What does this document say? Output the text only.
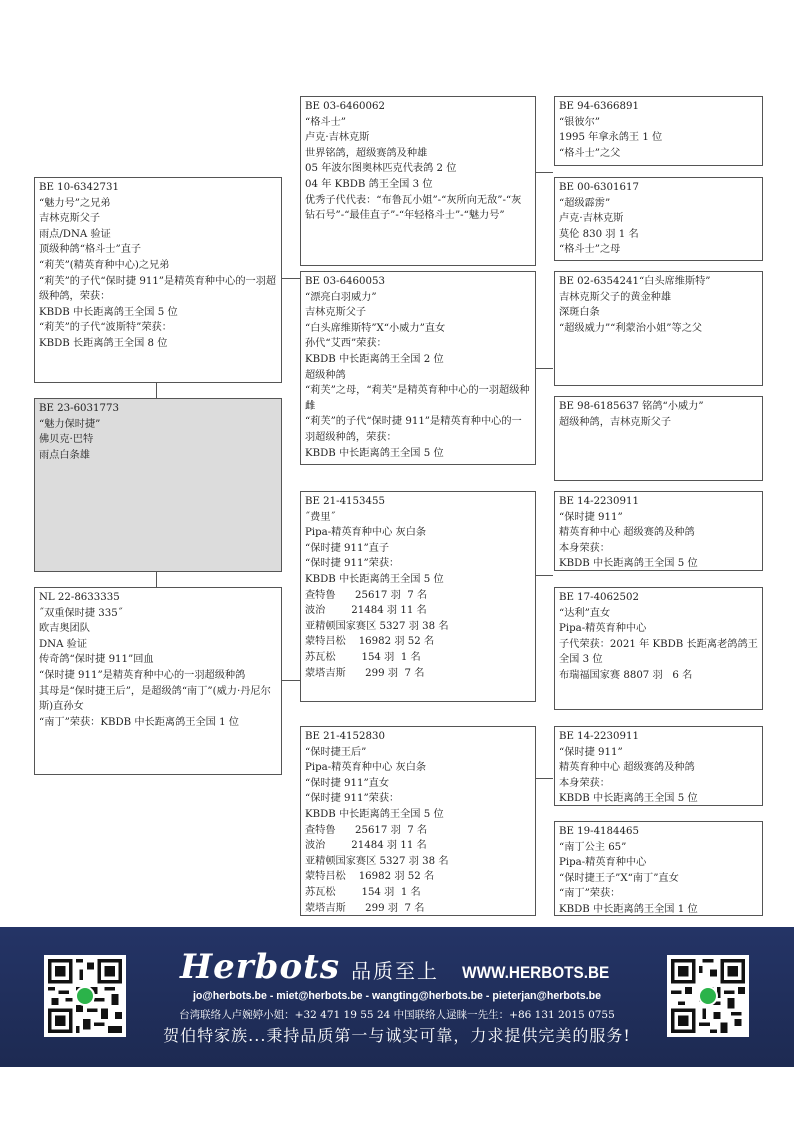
BE 10-6342731
“魅力号”之兄弟
吉林克斯父子
雨点/DNA 验证
顶级种鸽“格斗士”直子
“莉芙”(精英育种中心)之兄弟
“莉芙”的子代“保时捷 911”是精英育种中心的一羽超级种鸽，荣获：
KBDB 中长距离鸽王全国 5 位
“莉芙”的子代“波斯特”荣获：
KBDB 长距离鸽王全国 8 位
BE 23-6031773
“魅力保时捷”
佛贝克·巴特
雨点白条雄
NL 22-8633335
˝双重保时捷 335˝
欧吉奥团队
DNA 验证
传奇鸽“保时捷 911”回血
“保时捷 911”是精英育种中心的一羽超级种鸽
其母是“保时捷王后”，是超级鸽“南丁”(威力·丹尼尔斯)直孙女
“南丁”荣获：KBDB 中长距离鸽王全国 1 位
BE 03-6460062
“格斗士”
卢克·吉林克斯
世界铭鸽，超级赛鸽及种雄
05 年波尔图奥林匹克代表鸽 2 位
04 年 KBDB 鸽王全国 3 位
优秀子代代表：“布鲁瓦小姐”-“灰所向无敌”-“灰钻石号”-“最佳直子”-“年轻格斗士”-“魅力号”
BE 03-6460053
“漂亮白羽威力”
吉林克斯父子
“白头席维斯特”X“小威力”直女
孙代“艾西”荣获：
KBDB 中长距离鸽王全国 2 位
超级种鸽
“莉芙”之母，“莉芙”是精英育种中心的一羽超级种雌
“莉芙”的子代“保时捷 911”是精英育种中心的一羽超级种鸽，荣获：
KBDB 中长距离鸽王全国 5 位
BE 21-4153455
˝费里˝
Pipa-精英育种中心 灰白条
“保时捷 911”直子
“保时捷 911”荣获：
KBDB 中长距离鸽王全国 5 位
查特鲁      25617 羽  7 名
波治        21484 羽 11 名
亚精顿国家赛区 5327 羽 38 名
蒙特吕松    16982 羽 52 名
苏瓦松        154 羽  1 名
蒙塔吉斯      299 羽  7 名
BE 21-4152830
“保时捷王后”
Pipa-精英育种中心 灰白条
“保时捷 911”直女
“保时捷 911”荣获：
KBDB 中长距离鸽王全国 5 位
查特鲁      25617 羽  7 名
波治        21484 羽 11 名
亚精顿国家赛区 5327 羽 38 名
蒙特吕松    16982 羽 52 名
苏瓦松        154 羽  1 名
蒙塔吉斯      299 羽  7 名
BE 94-6366891
“银彼尔”
1995 年拿永鸽王 1 位
“格斗士”之父
BE 00-6301617
“超级霹雳”
卢克·吉林克斯
莫伦 830 羽 1 名
“格斗士”之母
BE 02-6354241“白头席维斯特”
吉林克斯父子的黄金种雄
深斑白条
“超级威力”“利蒙治小姐”等之父
BE 98-6185637 铭鸽“小威力”
超级种鸽，吉林克斯父子
BE 14-2230911
“保时捷 911”
精英育种中心 超级赛鸽及种鸽
本身荣获：
KBDB 中长距离鸽王全国 5 位
BE 17-4062502
“达利”直女
Pipa-精英育种中心
子代荣获：2021 年 KBDB 长距离老鸽鸽王全国 3 位
布瑞福国家赛 8807 羽   6 名
BE 14-2230911
“保时捷 911”
精英育种中心 超级赛鸽及种鸽
本身荣获：
KBDB 中长距离鸽王全国 5 位
BE 19-4184465
“南丁公主 65”
Pipa-精英育种中心
“保时捷王子”X“南丁”直女
“南丁”荣获：
KBDB 中长距离鸽王全国 1 位
Herbots 品质至上 WWW.HERBOTS.BE
jo@herbots.be - miet@herbots.be - wangting@herbots.be - pieterjan@herbots.be
台湾联络人卢婉婷小姐：+32 471 19 55 24 中国联络人逯睐一先生：+86 131 2015 0755
贺伯特家族...秉持品质第一与诚实可靠，力求提供完美的服务!
